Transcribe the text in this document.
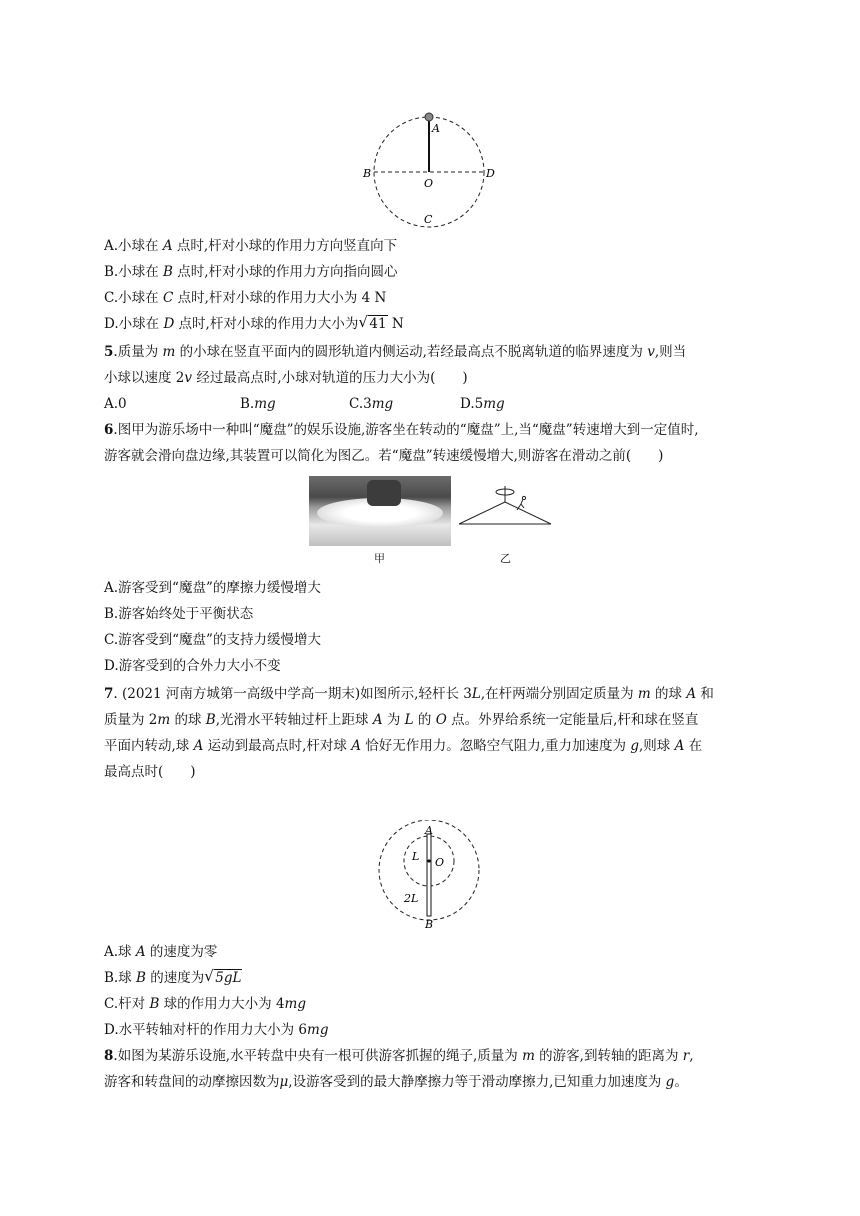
A
B
O
D
C
A.小球在 A 点时,杆对小球的作用力方向竖直向下
B.小球在 B 点时,杆对小球的作用力方向指向圆心
C.小球在 C 点时,杆对小球的作用力大小为 4 N
D.小球在 D 点时,杆对小球的作用力大小为 √ 41 N
5.质量为 m 的小球在竖直平面内的圆形轨道内侧运动,若经最高点不脱离轨道的临界速度为 v,则当
小球以速度 2v 经过最高点时,小球对轨道的压力大小为(　　)
A.0	B.mg	C.3mg	D.5mg
6.图甲为游乐场中一种叫“魔盘”的娱乐设施,游客坐在转动的“魔盘”上,当“魔盘”转速增大到一定值时,
游客就会滑向盘边缘,其装置可以简化为图乙。若“魔盘”转速缓慢增大,则游客在滑动之前(　　)
甲	乙
A.游客受到“魔盘”的摩擦力缓慢增大
B.游客始终处于平衡状态
C.游客受到“魔盘”的支持力缓慢增大
D.游客受到的合外力大小不变
7. (2021 河南方城第一高级中学高一期末)如图所示,轻杆长 3L,在杆两端分别固定质量为 m 的球 A 和
质量为 2m 的球 B,光滑水平转轴过杆上距球 A 为 L 的 O 点。外界给系统一定能量后,杆和球在竖直
平面内转动,球 A 运动到最高点时,杆对球 A 恰好无作用力。忽略空气阻力,重力加速度为 g,则球 A 在
最高点时(　　)
A
L O
2L
B
A.球 A 的速度为零
B.球 B 的速度为 √ 5gL
C.杆对 B 球的作用力大小为 4mg
D.水平转轴对杆的作用力大小为 6mg
8.如图为某游乐设施,水平转盘中央有一根可供游客抓握的绳子,质量为 m 的游客,到转轴的距离为 r,
游客和转盘间的动摩擦因数为μ,设游客受到的最大静摩擦力等于滑动摩擦力,已知重力加速度为 g。
